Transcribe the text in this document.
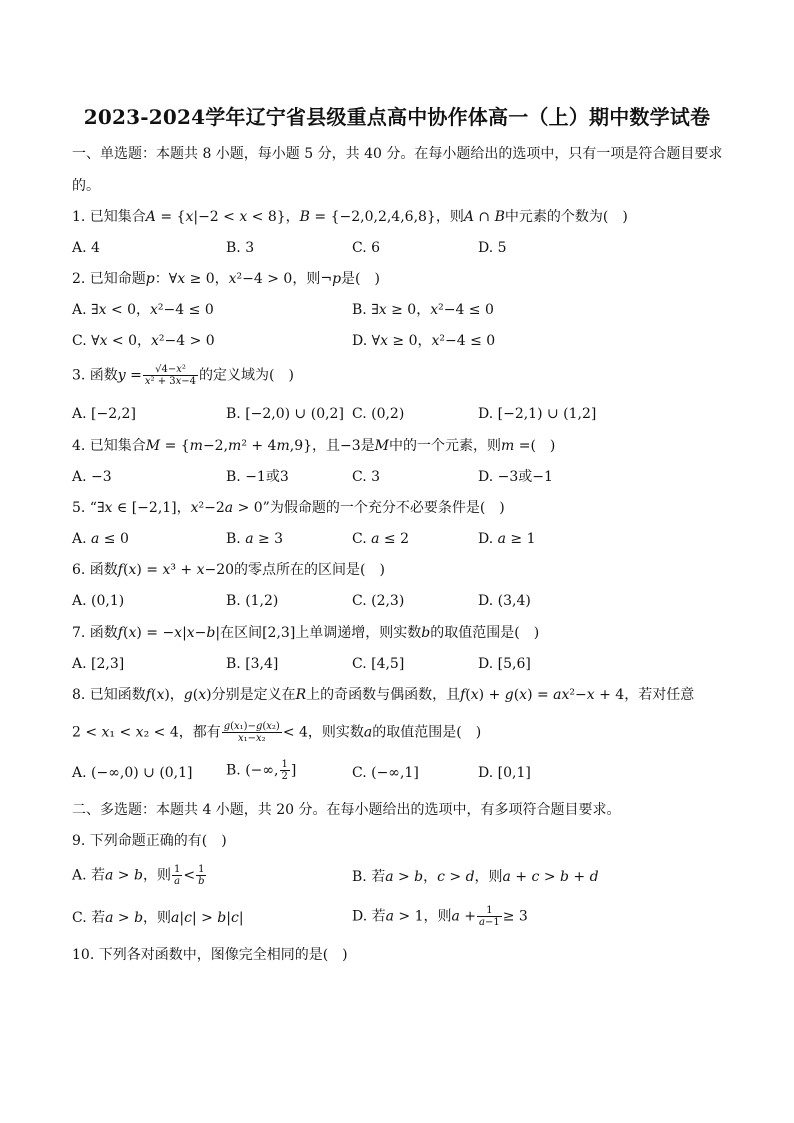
2023-2024学年辽宁省县级重点高中协作体高一（上）期中数学试卷
一、单选题：本题共 8 小题，每小题 5 分，共 40 分。在每小题给出的选项中，只有一项是符合题目要求
的。
1. 已知集合𝐴 = {𝑥|−2 < 𝑥 < 8}，𝐵 = {−2,0,2,4,6,8}，则𝐴 ∩ 𝐵中元素的个数为(　)
A. 4	B. 3	C. 6	D. 5
2. 已知命题𝑝：∀𝑥 ≥ 0，𝑥²−4 > 0，则¬𝑝是(　)
A. ∃𝑥 < 0，𝑥²−4 ≤ 0	B. ∃𝑥 ≥ 0，𝑥²−4 ≤ 0
C. ∀𝑥 < 0，𝑥²−4 > 0	D. ∀𝑥 ≥ 0，𝑥²−4 ≤ 0
3. 函数𝑦 = $\frac{\text{√4−𝑥²}}{\text{𝑥² + 3𝑥−4}}$ 的定义域为(　)
A. [−2,2]	B. [−2,0) ∪ (0,2] C. (0,2)	D. [−2,1) ∪ (1,2]
4. 已知集合𝑀 = {𝑚−2,𝑚² + 4𝑚,9}，且−3是𝑀中的一个元素，则𝑚 =(　)
A. −3	B. −1或3	C. 3	D. −3或−1
5. “∃𝑥 ∈ [−2,1]，𝑥²−2𝑎 > 0”为假命题的一个充分不必要条件是(　)
A. 𝑎 ≤ 0	B. 𝑎 ≥ 3	C. 𝑎 ≤ 2	D. 𝑎 ≥ 1
6. 函数𝑓(𝑥) = 𝑥³ + 𝑥−20的零点所在的区间是(　)
A. (0,1)	B. (1,2)	C. (2,3)	D. (3,4)
7. 函数𝑓(𝑥) = −𝑥|𝑥−𝑏|在区间[2,3]上单调递增，则实数𝑏的取值范围是(　)
A. [2,3]	B. [3,4]	C. [4,5]	D. [5,6]
8. 已知函数𝑓(𝑥)，𝑔(𝑥)分别是定义在𝑅上的奇函数与偶函数，且𝑓(𝑥) + 𝑔(𝑥) = 𝑎𝑥²−𝑥 + 4，若对任意
2 < 𝑥₁ < 𝑥₂ < 4，都有 $\frac{\text{𝑔(𝑥₁)−𝑔(𝑥₂)}}{\text{𝑥₁−𝑥₂}} < 4$，则实数𝑎的取值范围是(　)
A. (−∞,0) ∪ (0,1] B. (−∞, $\frac{1}{2}$ ]	C. (−∞,1]	D. [0,1]
二、多选题：本题共 4 小题，共 20 分。在每小题给出的选项中，有多项符合题目要求。
9. 下列命题正确的有(　)
A. 若𝑎 > 𝑏，则 $\frac{1}{\text{𝑎}} < \frac{1}{\text{𝑏}}$	B. 若𝑎 > 𝑏，𝑐 > 𝑑，则𝑎 + 𝑐 > 𝑏 + 𝑑
C. 若𝑎 > 𝑏，则𝑎|𝑐| > 𝑏|𝑐|	D. 若𝑎 > 1，则𝑎 + $\frac{1}{\text{𝑎−1}} \ge 3$
10. 下列各对函数中，图像完全相同的是(　)
